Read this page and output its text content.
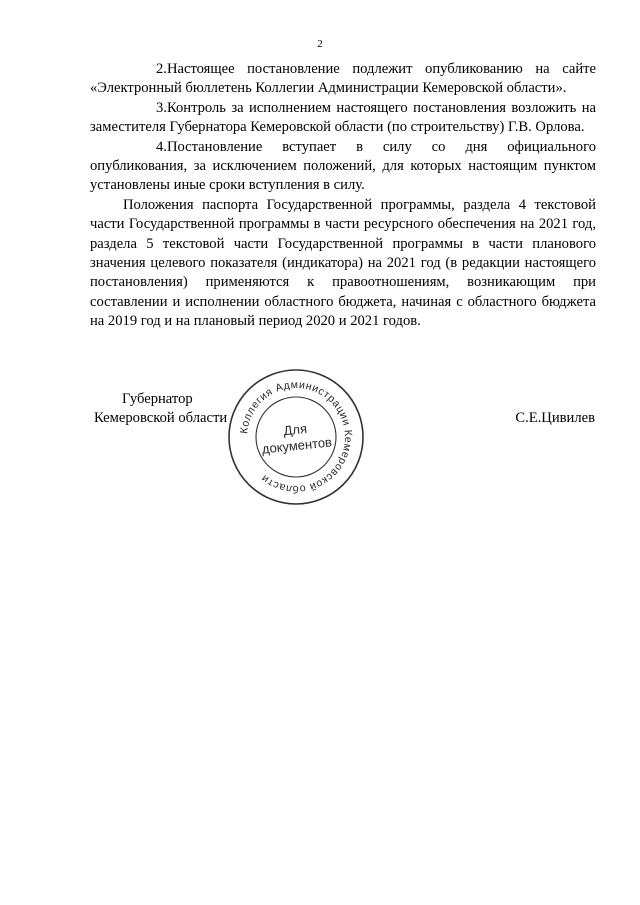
2

2.Настоящее постановление подлежит опубликованию на сайте «Электронный бюллетень Коллегии Администрации Кемеровской области».

3.Контроль за исполнением настоящего постановления возложить на заместителя Губернатора Кемеровской области (по строительству) Г.В. Орлова.

4.Постановление вступает в силу со дня официального опубликования, за исключением положений, для которых настоящим пунктом установлены иные сроки вступления в силу.

Положения паспорта Государственной программы, раздела 4 текстовой части Государственной программы в части ресурсного обеспечения на 2021 год, раздела 5 текстовой части Государственной программы в части планового значения целевого показателя (индикатора) на 2021 год (в редакции настоящего постановления) применяются к правоотношениям, возникающим при составлении и исполнении областного бюджета, начиная с областного бюджета на 2019 год и на плановый период 2020 и 2021 годов.

Губернатор
Кемеровской области
Коллегия Администрации Кемеровской области
Для
документов
С.Е.Цивилев
